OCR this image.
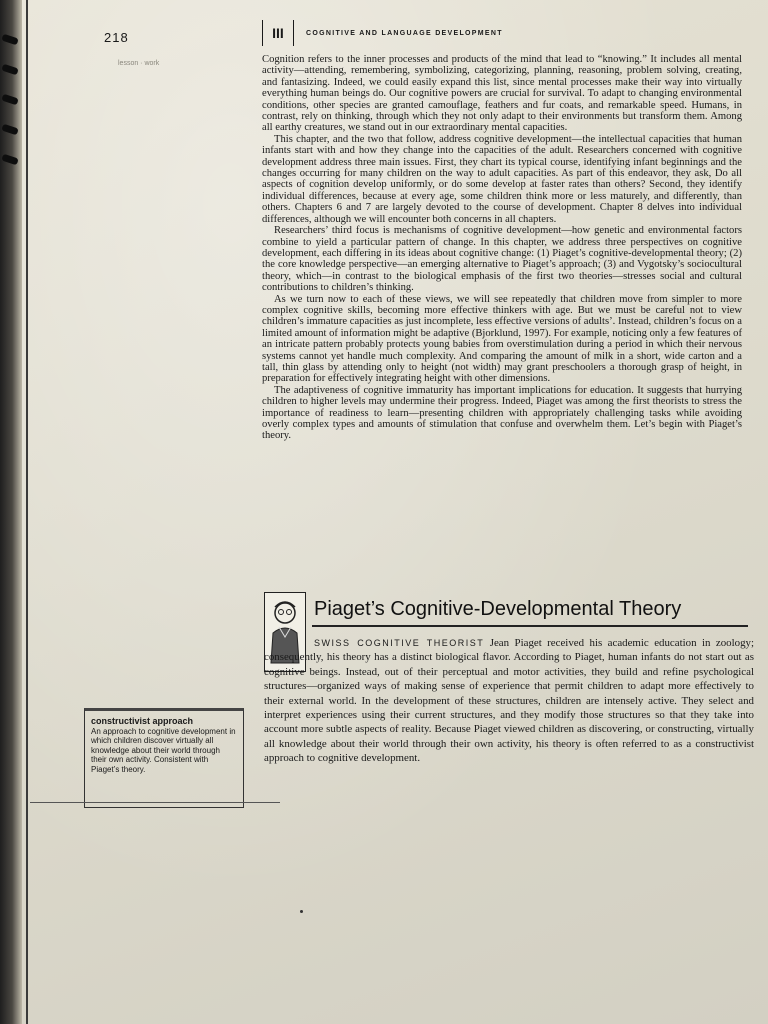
218
lesson · work
III	COGNITIVE AND LANGUAGE DEVELOPMENT

Cognition refers to the inner processes and products of the mind that lead to “knowing.” It includes all mental activity—attending, remembering, symbolizing, categorizing, planning, reasoning, problem solving, creating, and fantasizing. Indeed, we could easily expand this list, since mental processes make their way into virtually everything human beings do. Our cognitive powers are crucial for survival. To adapt to changing environmental conditions, other species are granted camouflage, feathers and fur coats, and remarkable speed. Humans, in contrast, rely on thinking, through which they not only adapt to their environments but transform them. Among all earthy creatures, we stand out in our extraordinary mental capacities.

This chapter, and the two that follow, address cognitive development—the intellectual capacities that human infants start with and how they change into the capacities of the adult. Researchers concerned with cognitive development address three main issues. First, they chart its typical course, identifying infant beginnings and the changes occurring for many children on the way to adult capacities. As part of this endeavor, they ask, Do all aspects of cognition develop uniformly, or do some develop at faster rates than others? Second, they identify individual differences, because at every age, some children think more or less maturely, and differently, than others. Chapters 6 and 7 are largely devoted to the course of development. Chapter 8 delves into individual differences, although we will encounter both concerns in all chapters.

Researchers’ third focus is mechanisms of cognitive development—how genetic and environmental factors combine to yield a particular pattern of change. In this chapter, we address three perspectives on cognitive development, each differing in its ideas about cognitive change: (1) Piaget’s cognitive-developmental theory; (2) the core knowledge perspective—an emerging alternative to Piaget’s approach; (3) and Vygotsky’s sociocultural theory, which—in contrast to the biological emphasis of the first two theories—stresses social and cultural contributions to children’s thinking.

As we turn now to each of these views, we will see repeatedly that children move from simpler to more complex cognitive skills, becoming more effective thinkers with age. But we must be careful not to view children’s immature capacities as just incomplete, less effective versions of adults’. Instead, children’s focus on a limited amount of information might be adaptive (Bjorklund, 1997). For example, noticing only a few features of an intricate pattern probably protects young babies from overstimulation during a period in which their nervous systems cannot yet handle much complexity. And comparing the amount of milk in a short, wide carton and a tall, thin glass by attending only to height (not width) may grant preschoolers a thorough grasp of height, in preparation for effectively integrating height with other dimensions.

The adaptiveness of cognitive immaturity has important implications for education. It suggests that hurrying children to higher levels may undermine their progress. Indeed, Piaget was among the first theorists to stress the importance of readiness to learn—presenting children with appropriately challenging tasks while avoiding overly complex types and amounts of stimulation that confuse and overwhelm them. Let’s begin with Piaget’s theory.

Piaget’s Cognitive-Developmental Theory
SWISS COGNITIVE THEORIST Jean Piaget received his academic education in zoology; consequently, his theory has a distinct biological flavor. According to Piaget, human infants do not start out as cognitive beings. Instead, out of their perceptual and motor activities, they build and refine psychological structures—organized ways of making sense of experience that permit children to adapt more effectively to their external world. In the development of these structures, children are intensely active. They select and interpret experiences using their current structures, and they modify those structures so that they take into account more subtle aspects of reality. Because Piaget viewed children as discovering, or constructing, virtually all knowledge about their world through their own activity, his theory is often referred to as a constructivist approach to cognitive development.
constructivist approach
An approach to cognitive development in which children discover virtually all knowledge about their world through their own activity. Consistent with Piaget’s theory.
